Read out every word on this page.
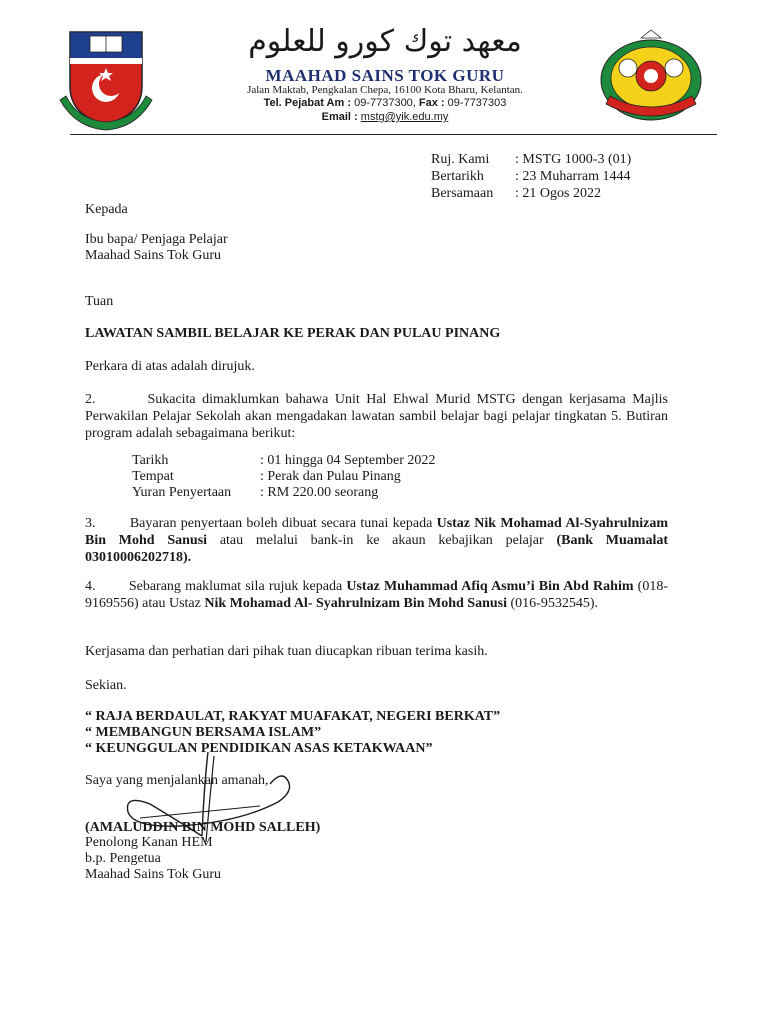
معهد توك كورو للعلوم
MAAHAD SAINS TOK GURU
Jalan Maktab, Pengkalan Chepa, 16100 Kota Bharu, Kelantan.
Tel. Pejabat Am : 09-7737300, Fax : 09-7737303
Email : mstg@yik.edu.my
Ruj. Kami	: MSTG 1000-3 (01)
Bertarikh	: 23 Muharram 1444
Bersamaan	: 21 Ogos 2022
Kepada
Ibu bapa/ Penjaga Pelajar
Maahad Sains Tok Guru
Tuan
LAWATAN SAMBIL BELAJAR KE PERAK DAN PULAU PINANG
Perkara di atas adalah dirujuk.
2.	Sukacita dimaklumkan bahawa Unit Hal Ehwal Murid MSTG dengan kerjasama Majlis Perwakilan Pelajar Sekolah akan mengadakan lawatan sambil belajar bagi pelajar tingkatan 5. Butiran program adalah sebagaimana berikut:
Tarikh	: 01 hingga 04 September 2022
Tempat	: Perak dan Pulau Pinang
Yuran Penyertaan	: RM 220.00 seorang
3. Bayaran penyertaan boleh dibuat secara tunai kepada Ustaz Nik Mohamad Al-Syahrulnizam Bin Mohd Sanusi atau melalui bank-in ke akaun kebajikan pelajar (Bank Muamalat 03010006202718).
4. Sebarang maklumat sila rujuk kepada Ustaz Muhammad Afiq Asmu’i Bin Abd Rahim (018-9169556) atau Ustaz Nik Mohamad Al- Syahrulnizam Bin Mohd Sanusi (016-9532545).
Kerjasama dan perhatian dari pihak tuan diucapkan ribuan terima kasih.
Sekian.
“ RAJA BERDAULAT, RAKYAT MUAFAKAT, NEGERI BERKAT”
“ MEMBANGUN BERSAMA ISLAM”
“ KEUNGGULAN PENDIDIKAN ASAS KETAKWAAN”
Saya yang menjalankan amanah,
(AMALUDDIN BIN MOHD SALLEH)
Penolong Kanan HEM
b.p. Pengetua
Maahad Sains Tok Guru
